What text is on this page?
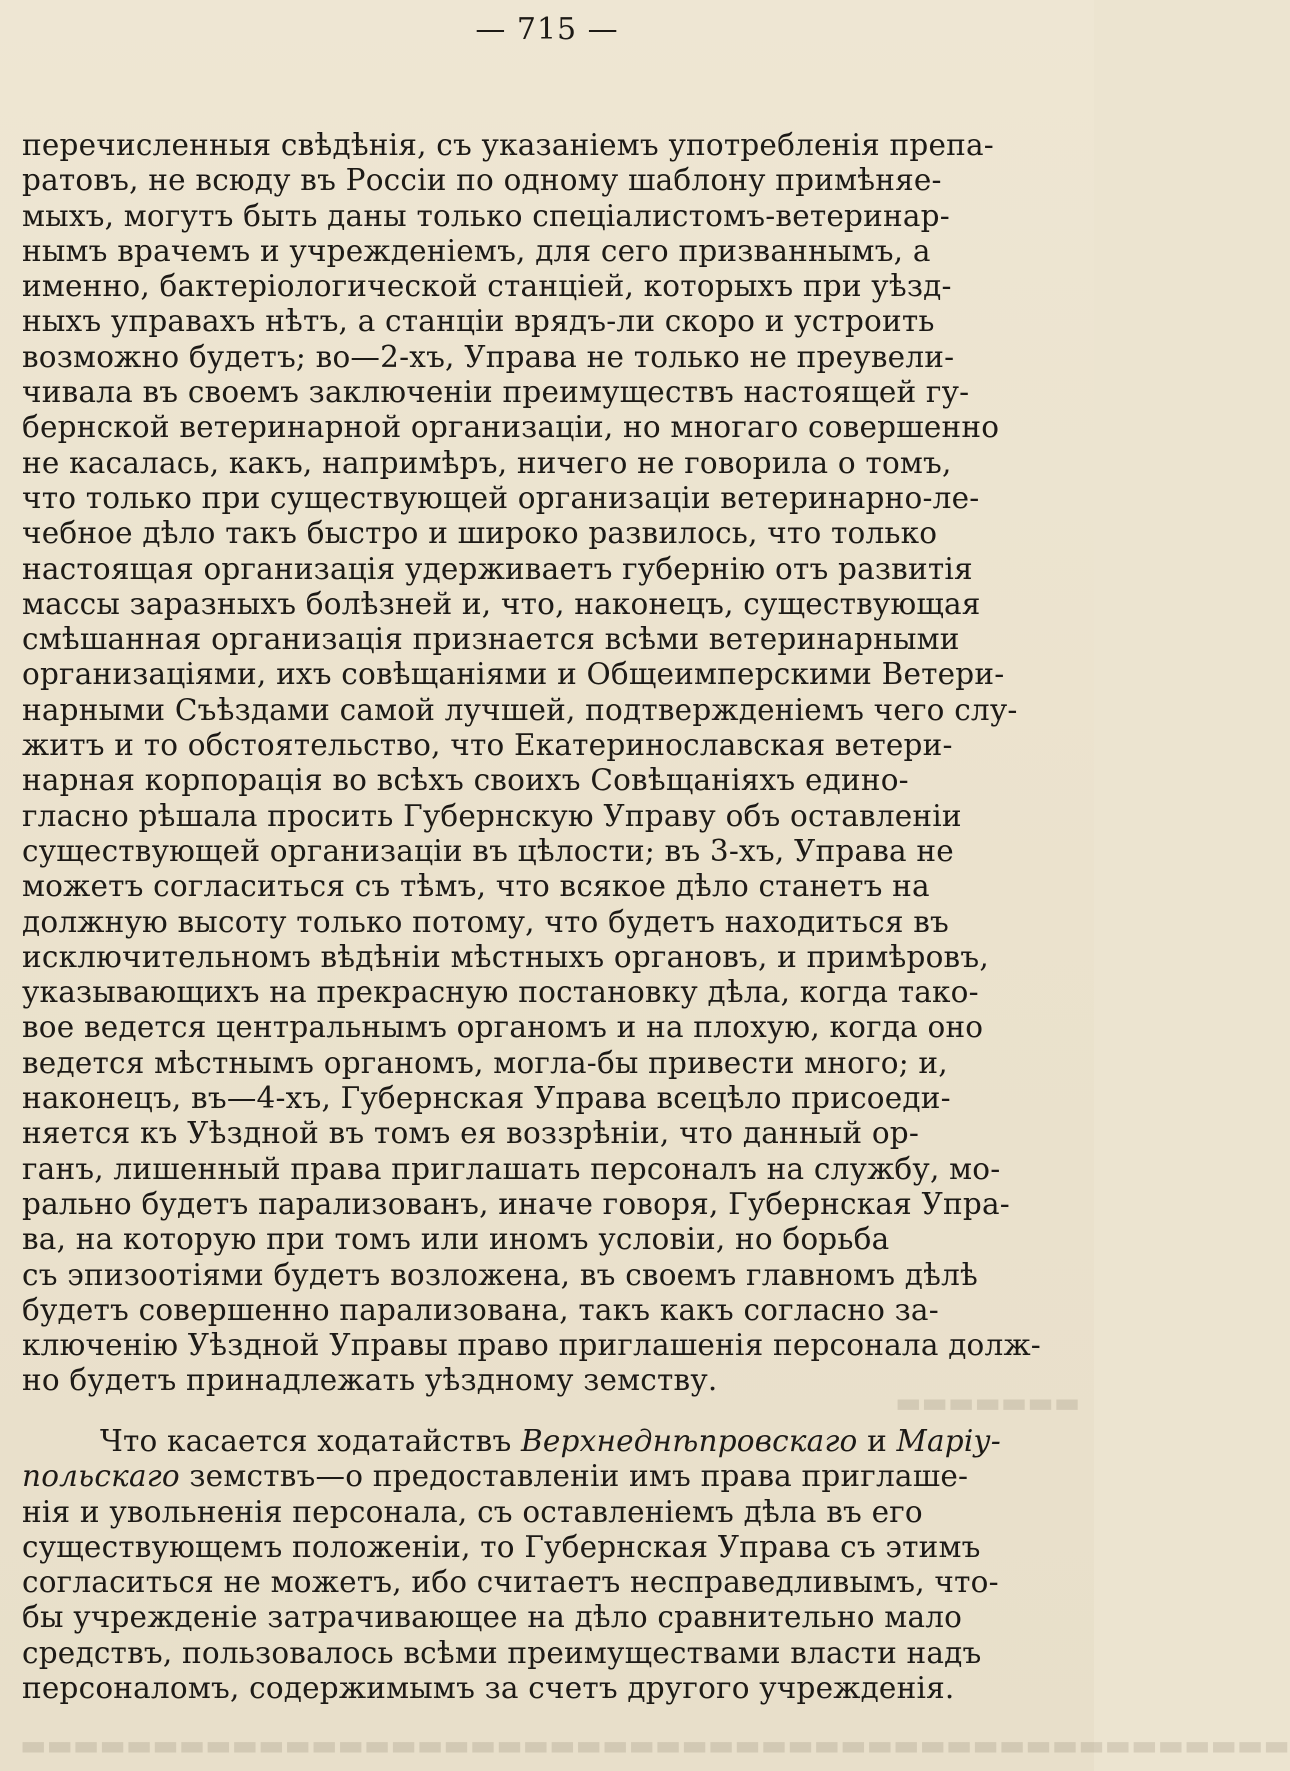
— 715 —
перечисленныя свѣдѣнія, съ указаніемъ употребленія препа-
ратовъ, не всюду въ Россіи по одному шаблону примѣняе-
мыхъ, могутъ быть даны только спеціалистомъ-ветеринар-
нымъ врачемъ и учрежденіемъ, для сего призваннымъ, а
именно, бактеріологической станціей, которыхъ при уѣзд-
ныхъ управахъ нѣтъ, а станціи врядъ-ли скоро и устроить
возможно будетъ; во—2-хъ, Управа не только не преувели-
чивала въ своемъ заключеніи преимуществъ настоящей гу-
бернской ветеринарной организаціи, но многаго совершенно
не касалась, какъ, напримѣръ, ничего не говорила о томъ,
что только при существующей организаціи ветеринарно-ле-
чебное дѣло такъ быстро и широко развилось, что только
настоящая организація удерживаетъ губернію отъ развитія
массы заразныхъ болѣзней и, что, наконецъ, существующая
смѣшанная организація признается всѣми ветеринарными
организаціями, ихъ совѣщаніями и Общеимперскими Ветери-
нарными Съѣздами самой лучшей, подтвержденіемъ чего слу-
житъ и то обстоятельство, что Екатеринославская ветери-
нарная корпорація во всѣхъ своихъ Совѣщаніяхъ едино-
гласно рѣшала просить Губернскую Управу объ оставленіи
существующей организаціи въ цѣлости; въ 3-хъ, Управа не
можетъ согласиться съ тѣмъ, что всякое дѣло станетъ на
должную высоту только потому, что будетъ находиться въ
исключительномъ вѣдѣніи мѣстныхъ органовъ, и примѣровъ,
указывающихъ на прекрасную постановку дѣла, когда тако-
вое ведется центральнымъ органомъ и на плохую, когда оно
ведется мѣстнымъ органомъ, могла-бы привести много; и,
наконецъ, въ—4-хъ, Губернская Управа всецѣло присоеди-
няется къ Уѣздной въ томъ ея воззрѣніи, что данный ор-
ганъ, лишенный права приглашать персоналъ на службу, мо-
рально будетъ парализованъ, иначе говоря, Губернская Упра-
ва, на которую при томъ или иномъ условіи, но борьба
съ эпизоотіями будетъ возложена, въ своемъ главномъ дѣлѣ
будетъ совершенно парализована, такъ какъ согласно за-
ключенію Уѣздной Управы право приглашенія персонала долж-
но будетъ принадлежать уѣздному земству.
Что касается ходатайствъ Верхнеднѣпровскаго и Маріу-
польскаго земствъ—о предоставленіи имъ права приглаше-
нія и увольненія персонала, съ оставленіемъ дѣла въ его
существующемъ положеніи, то Губернская Управа съ этимъ
согласиться не можетъ, ибо считаетъ несправедливымъ, что-
бы учрежденіе затрачивающее на дѣло сравнительно мало
средствъ, пользовалось всѣми преимуществами власти надъ
персоналомъ, содержимымъ за счетъ другого учрежденія.
▬▬▬▬▬▬▬▬▬▬▬▬▬▬▬▬▬▬▬▬▬▬▬▬▬▬▬▬▬▬▬▬▬▬▬▬▬▬▬▬▬▬▬▬▬▬▬▬
▬▬▬▬▬▬▬
